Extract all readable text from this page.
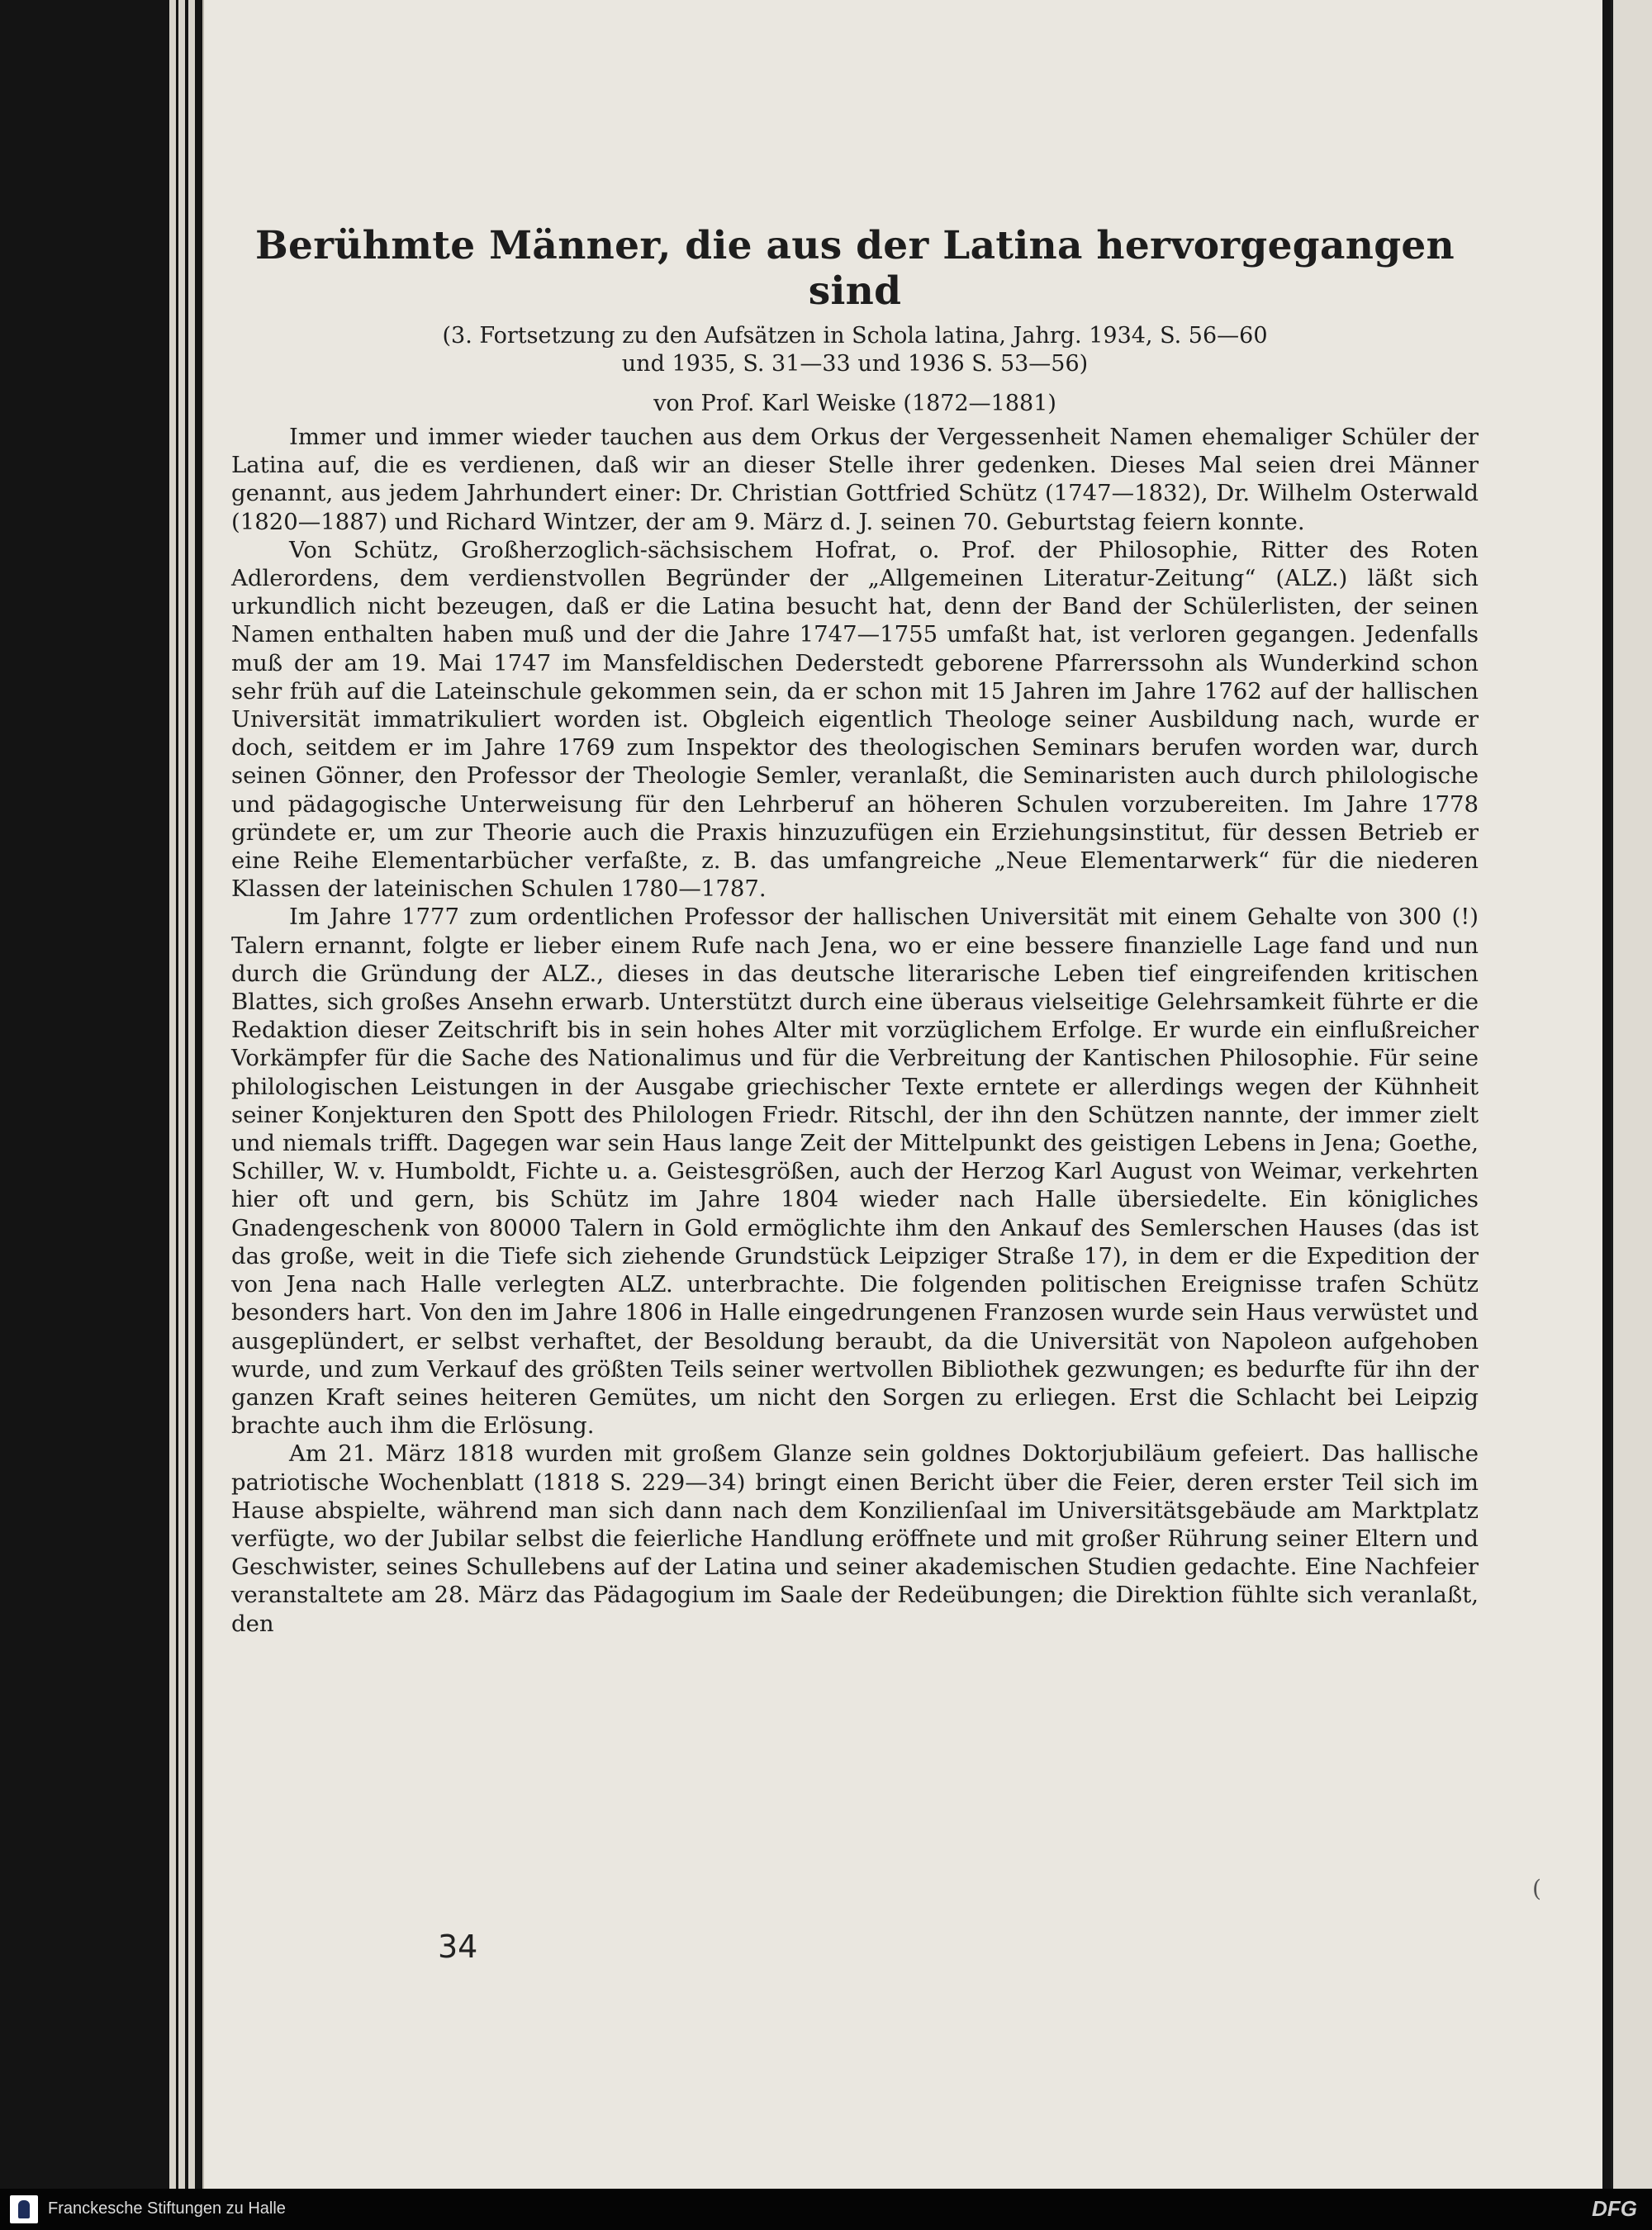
Berühmte Männer, die aus der Latina hervorgegangen sind

(3. Fortsetzung zu den Aufsätzen in Schola latina, Jahrg. 1934, S. 56—60

und 1935, S. 31—33 und 1936 S. 53—56)

von Prof. Karl Weiske (1872—1881)

Immer und immer wieder tauchen aus dem Orkus der Vergessenheit Namen ehemaliger Schüler der Latina auf, die es verdienen, daß wir an dieser Stelle ihrer gedenken. Dieses Mal seien drei Männer genannt, aus jedem Jahrhundert einer: Dr. Christian Gottfried Schütz (1747—1832), Dr. Wilhelm Osterwald (1820—1887) und Richard Wintzer, der am 9. März d. J. seinen 70. Geburtstag feiern konnte.

Von Schütz, Großherzoglich-sächsischem Hofrat, o. Prof. der Philosophie, Ritter des Roten Adlerordens, dem verdienstvollen Begründer der „Allgemeinen Literatur-Zeitung“ (ALZ.) läßt sich urkundlich nicht bezeugen, daß er die Latina besucht hat, denn der Band der Schülerlisten, der seinen Namen enthalten haben muß und der die Jahre 1747—1755 umfaßt hat, ist verloren gegangen. Jedenfalls muß der am 19. Mai 1747 im Mansfeldischen Dederstedt geborene Pfarrerssohn als Wunderkind schon sehr früh auf die Lateinschule gekommen sein, da er schon mit 15 Jahren im Jahre 1762 auf der hallischen Universität immatrikuliert worden ist. Obgleich eigentlich Theologe seiner Ausbildung nach, wurde er doch, seitdem er im Jahre 1769 zum Inspektor des theologischen Seminars berufen worden war, durch seinen Gönner, den Professor der Theologie Semler, veranlaßt, die Seminaristen auch durch philologische und pädagogische Unterweisung für den Lehrberuf an höheren Schulen vorzubereiten. Im Jahre 1778 gründete er, um zur Theorie auch die Praxis hinzuzufügen ein Erziehungsinstitut, für dessen Betrieb er eine Reihe Elementarbücher verfaßte, z. B. das umfangreiche „Neue Elementarwerk“ für die niederen Klassen der lateinischen Schulen 1780—1787.

Im Jahre 1777 zum ordentlichen Professor der hallischen Universität mit einem Gehalte von 300 (!) Talern ernannt, folgte er lieber einem Rufe nach Jena, wo er eine bessere finanzielle Lage fand und nun durch die Gründung der ALZ., dieses in das deutsche literarische Leben tief eingreifenden kritischen Blattes, sich großes Ansehn erwarb. Unterstützt durch eine überaus vielseitige Gelehrsamkeit führte er die Redaktion dieser Zeitschrift bis in sein hohes Alter mit vorzüglichem Erfolge. Er wurde ein einflußreicher Vorkämpfer für die Sache des Nationalimus und für die Verbreitung der Kantischen Philosophie. Für seine philologischen Leistungen in der Ausgabe griechischer Texte erntete er allerdings wegen der Kühnheit seiner Konjekturen den Spott des Philologen Friedr. Ritschl, der ihn den Schützen nannte, der immer zielt und niemals trifft. Dagegen war sein Haus lange Zeit der Mittelpunkt des geistigen Lebens in Jena; Goethe, Schiller, W. v. Humboldt, Fichte u. a. Geistesgrößen, auch der Herzog Karl August von Weimar, verkehrten hier oft und gern, bis Schütz im Jahre 1804 wieder nach Halle übersiedelte. Ein königliches Gnadengeschenk von 80000 Talern in Gold ermöglichte ihm den Ankauf des Semlerschen Hauses (das ist das große, weit in die Tiefe sich ziehende Grundstück Leipziger Straße 17), in dem er die Expedition der von Jena nach Halle verlegten ALZ. unterbrachte. Die folgenden politischen Ereignisse trafen Schütz besonders hart. Von den im Jahre 1806 in Halle eingedrungenen Franzosen wurde sein Haus verwüstet und ausgeplündert, er selbst verhaftet, der Besoldung beraubt, da die Universität von Napoleon aufgehoben wurde, und zum Verkauf des größten Teils seiner wertvollen Bibliothek gezwungen; es bedurfte für ihn der ganzen Kraft seines heiteren Gemütes, um nicht den Sorgen zu erliegen. Erst die Schlacht bei Leipzig brachte auch ihm die Erlösung.

Am 21. März 1818 wurden mit großem Glanze sein goldnes Doktorjubiläum gefeiert. Das hallische patriotische Wochenblatt (1818 S. 229—34) bringt einen Bericht über die Feier, deren erster Teil sich im Hause abspielte, während man sich dann nach dem Konzilienſaal im Universitätsgebäude am Marktplatz verfügte, wo der Jubilar selbst die feierliche Handlung eröffnete und mit großer Rührung seiner Eltern und Geschwister, seines Schullebens auf der Latina und seiner akademischen Studien gedachte. Eine Nachfeier veranstaltete am 28. März das Pädagogium im Saale der Redeübungen; die Direktion fühlte sich veranlaßt, den

(
34
Franckesche Stiftungen zu Halle	DFG
